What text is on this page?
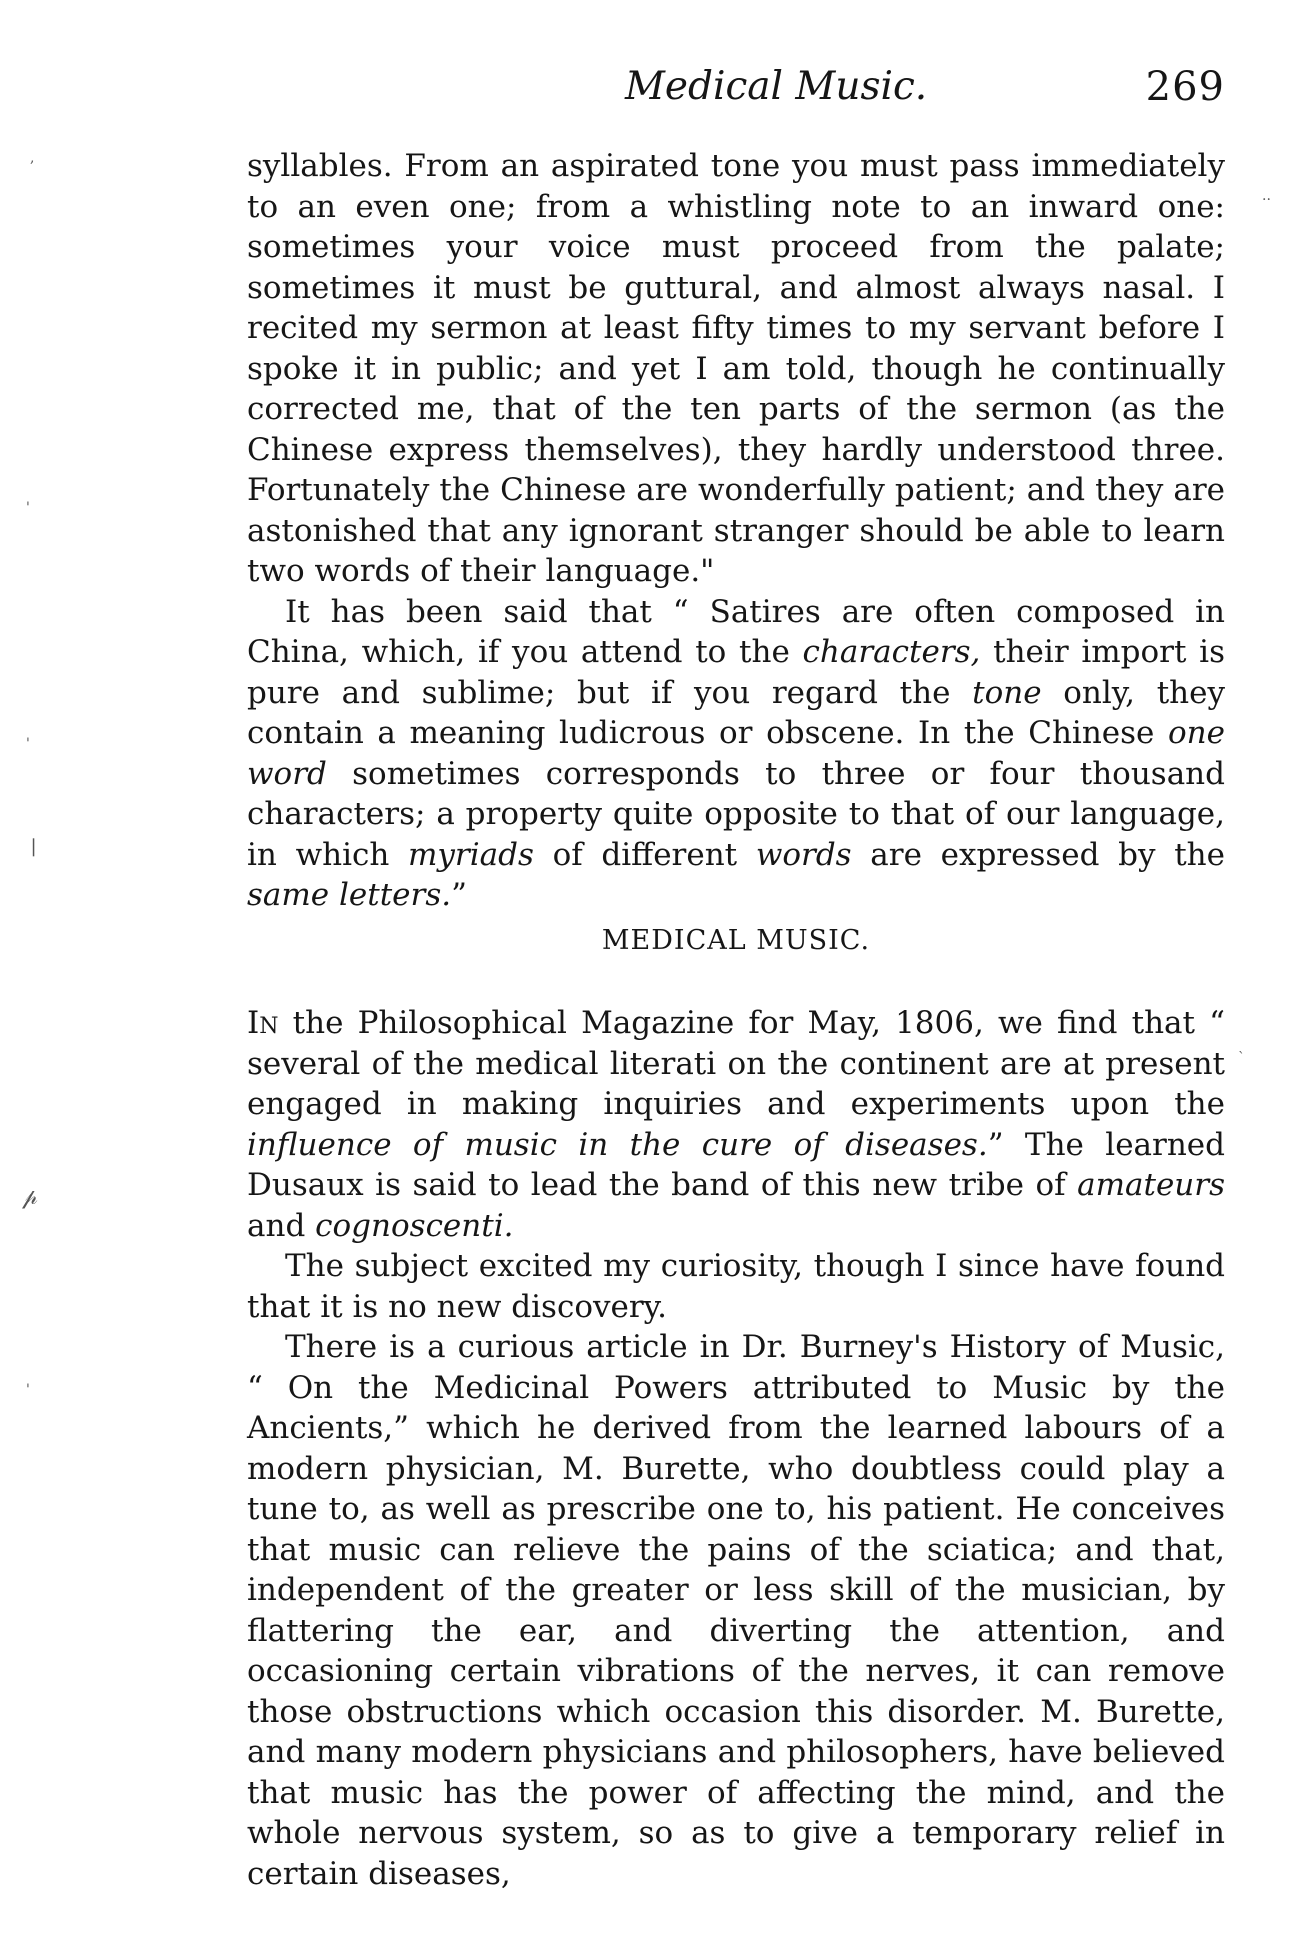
Medical Music.	269

syllables. From an aspirated tone you must pass immediately to an even one; from a whistling note to an inward one: sometimes your voice must proceed from the palate; sometimes it must be guttural, and almost always nasal. I recited my sermon at least fifty times to my servant before I spoke it in public; and yet I am told, though he continually corrected me, that of the ten parts of the sermon (as the Chinese express themselves), they hardly understood three. Fortunately the Chinese are wonderfully patient; and they are astonished that any ignorant stranger should be able to learn two words of their language."

It has been said that “ Satires are often composed in China, which, if you attend to the characters, their import is pure and sublime; but if you regard the tone only, they contain a meaning ludicrous or obscene. In the Chinese one word sometimes corresponds to three or four thousand characters; a property quite opposite to that of our language, in which myriads of different words are expressed by the same letters.”

MEDICAL MUSIC.

In the Philosophical Magazine for May, 1806, we find that “ several of the medical literati on the continent are at present engaged in making inquiries and experiments upon the influence of music in the cure of diseases.” The learned Dusaux is said to lead the band of this new tribe of amateurs and cognoscenti.

The subject excited my curiosity, though I since have found that it is no new discovery.

There is a curious article in Dr. Burney's History of Music, “ On the Medicinal Powers attributed to Music by the Ancients,” which he derived from the learned labours of a modern physician, M. Burette, who doubtless could play a tune to, as well as prescribe one to, his patient. He conceives that music can relieve the pains of the sciatica; and that, independent of the greater or less skill of the musician, by flattering the ear, and diverting the attention, and occasioning certain vibrations of the nerves, it can remove those obstructions which occasion this disorder. M. Burette, and many modern physicians and philosophers, have believed that music has the power of affecting the mind, and the whole nervous system, so as to give a temporary relief in certain diseases,

,
'
'
❘
𝓅
'
..
`
